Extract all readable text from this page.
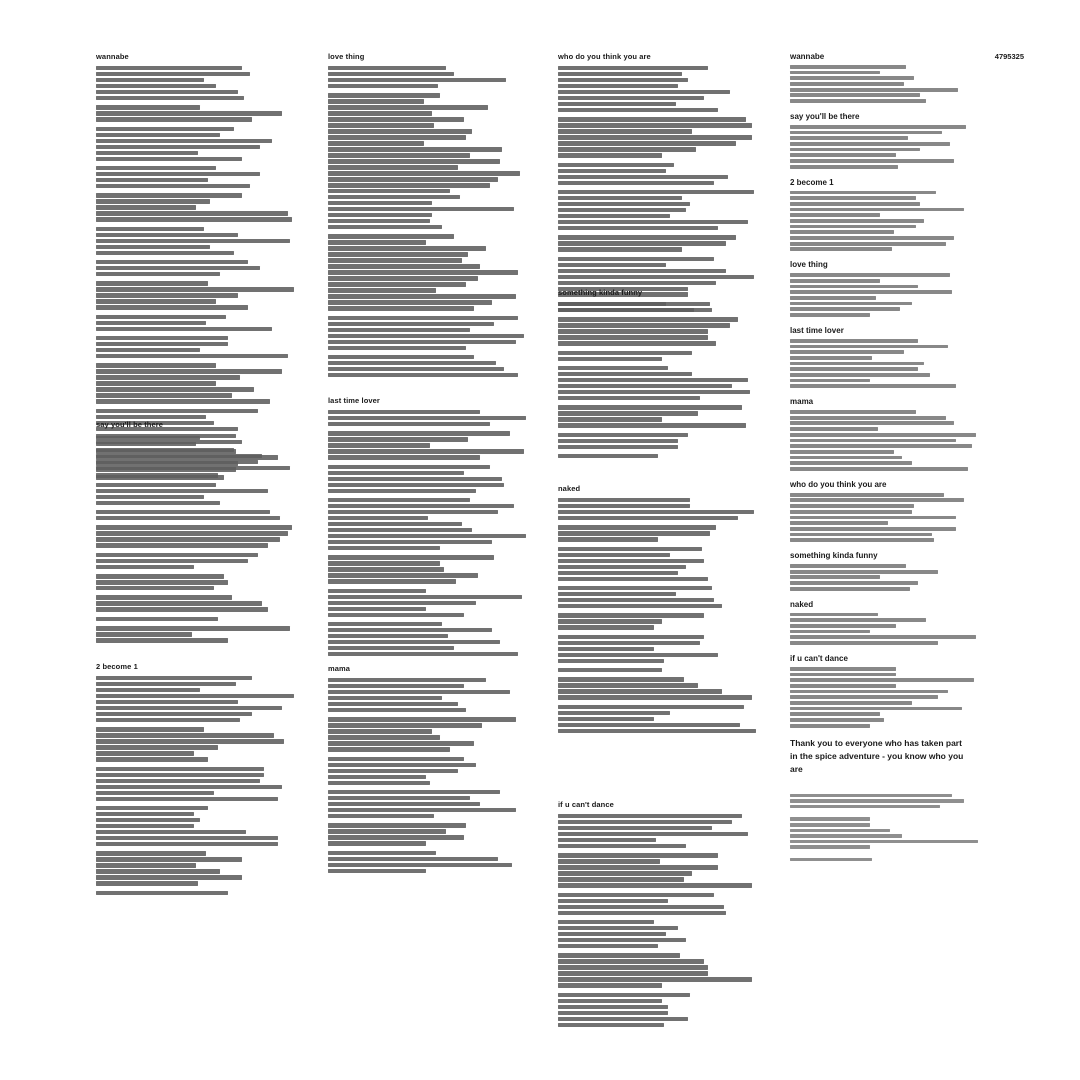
wannabe
say you'll be there
2 become 1
love thing
last time lover
mama
who do you think you are
something kinda funny
naked
if u can't dance
wannabe
say you'll be there
2 become 1
love thing
last time lover
mama
who do you think you are
something kinda funny
naked
if u can't dance
Thank you to everyone who has taken part in the spice adventure - you know who you are
4795325
